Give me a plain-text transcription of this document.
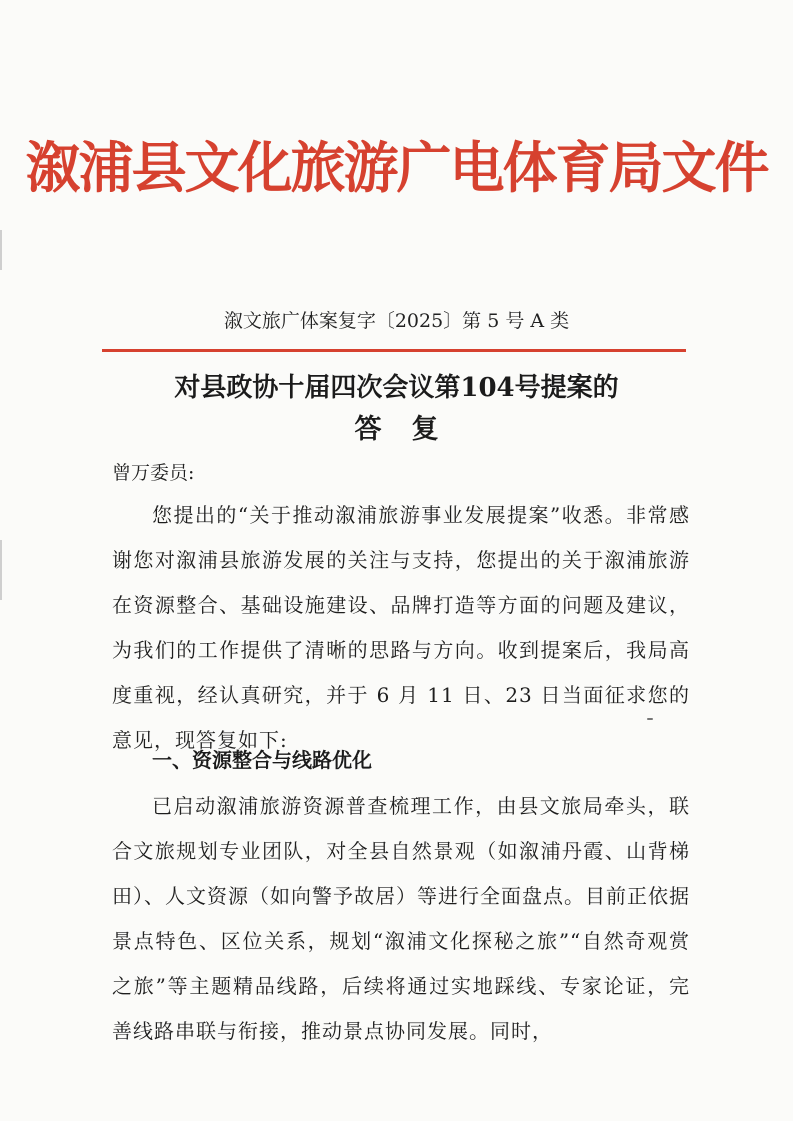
溆浦县文化旅游广电体育局文件
溆文旅广体案复字〔2025〕第 5 号 A 类
对县政协十届四次会议第104号提案的
答复
曾万委员:

您提出的“关于推动溆浦旅游事业发展提案”收悉。非常感谢您对溆浦县旅游发展的关注与支持，您提出的关于溆浦旅游在资源整合、基础设施建设、品牌打造等方面的问题及建议，为我们的工作提供了清晰的思路与方向。收到提案后，我局高度重视，经认真研究，并于 6 月 11 日、23 日当面征求您的意见，现答复如下:

一、资源整合与线路优化

已启动溆浦旅游资源普查梳理工作，由县文旅局牵头，联合文旅规划专业团队，对全县自然景观（如溆浦丹霞、山背梯田）、人文资源（如向警予故居）等进行全面盘点。目前正依据景点特色、区位关系，规划“溆浦文化探秘之旅”“自然奇观赏之旅”等主题精品线路，后续将通过实地踩线、专家论证，完善线路串联与衔接，推动景点协同发展。同时，
